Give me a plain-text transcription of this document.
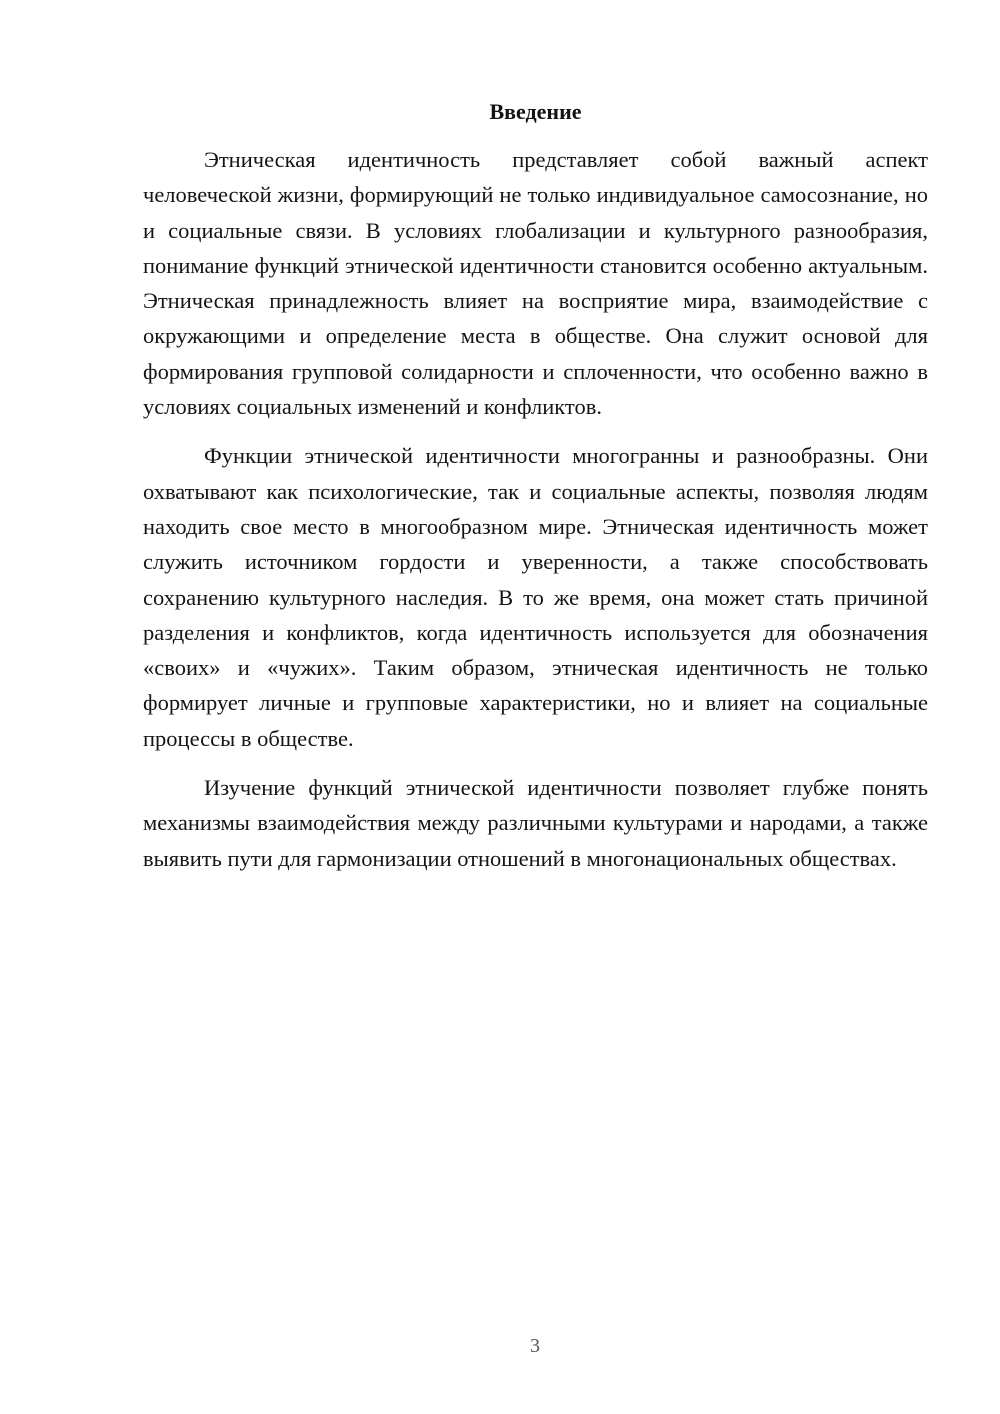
Введение

Этническая идентичность представляет собой важный аспект человеческой жизни, формирующий не только индивидуальное самосознание, но и социальные связи. В условиях глобализации и культурного разнообразия, понимание функций этнической идентичности становится особенно актуальным. Этническая принадлежность влияет на восприятие мира, взаимодействие с окружающими и определение места в обществе. Она служит основой для формирования групповой солидарности и сплоченности, что особенно важно в условиях социальных изменений и конфликтов.

Функции этнической идентичности многогранны и разнообразны. Они охватывают как психологические, так и социальные аспекты, позволяя людям находить свое место в многообразном мире. Этническая идентичность может служить источником гордости и уверенности, а также способствовать сохранению культурного наследия. В то же время, она может стать причиной разделения и конфликтов, когда идентичность используется для обозначения «своих» и «чужих». Таким образом, этническая идентичность не только формирует личные и групповые характеристики, но и влияет на социальные процессы в обществе.

Изучение функций этнической идентичности позволяет глубже понять механизмы взаимодействия между различными культурами и народами, а также выявить пути для гармонизации отношений в многонациональных обществах.

3
